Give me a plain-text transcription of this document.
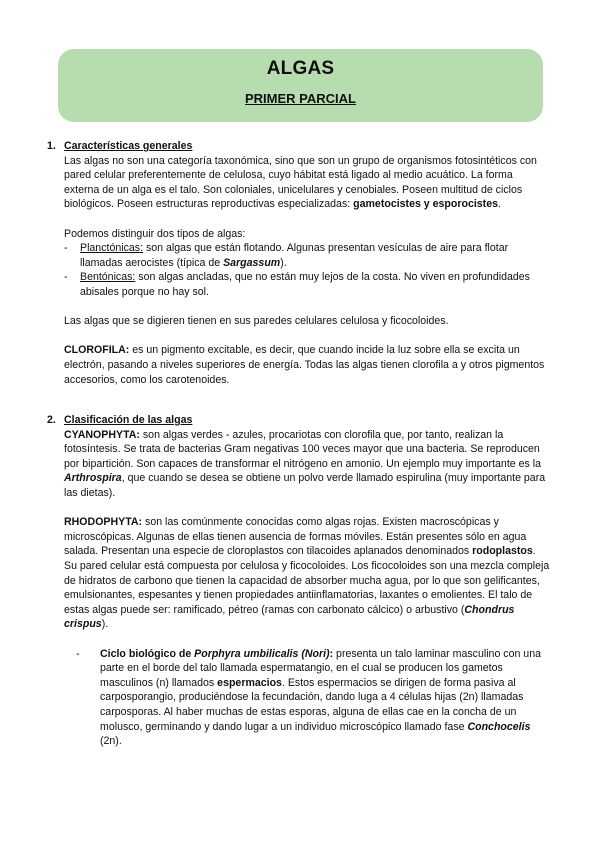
ALGAS
PRIMER PARCIAL
1. Características generales

Las algas no son una categoría taxonómica, sino que son un grupo de organismos fotosintéticos con pared celular preferentemente de celulosa, cuyo hábitat está ligado al medio acuático. La forma externa de un alga es el talo. Son coloniales, unicelulares y cenobiales. Poseen multitud de ciclos biológicos. Poseen estructuras reproductivas especializadas: gametocistes y esporocistes.

Podemos distinguir dos tipos de algas:

- Planctónicas: son algas que están flotando. Algunas presentan vesículas de aire para flotar llamadas aerocistes (típica de Sargassum).
- Bentónicas: son algas ancladas, que no están muy lejos de la costa. No viven en profundidades abisales porque no hay sol.

Las algas que se digieren tienen en sus paredes celulares celulosa y ficocoloides.

CLOROFILA: es un pigmento excitable, es decir, que cuando incide la luz sobre ella se excita un electrón, pasando a niveles superiores de energía. Todas las algas tienen clorofila a y otros pigmentos accesorios, como los carotenoides.

2. Clasificación de las algas

CYANOPHYTA: son algas verdes - azules, procariotas con clorofila que, por tanto, realizan la fotosíntesis. Se trata de bacterias Gram negativas 100 veces mayor que una bacteria. Se reproducen por bipartición. Son capaces de transformar el nitrógeno en amonio. Un ejemplo muy importante es la Arthrospira, que cuando se desea se obtiene un polvo verde llamado espirulina (muy importante para las dietas).

RHODOPHYTA: son las comúnmente conocidas como algas rojas. Existen macroscópicas y microscópicas. Algunas de ellas tienen ausencia de formas móviles. Están presentes sólo en agua salada. Presentan una especie de cloroplastos con tilacoides aplanados denominados rodoplastos. Su pared celular está compuesta por celulosa y ficocoloides. Los ficocoloides son una mezcla compleja de hidratos de carbono que tienen la capacidad de absorber mucha agua, por lo que son gelificantes, emulsionantes, espesantes y tienen propiedades antiinflamatorias, laxantes o emolientes. El talo de estas algas puede ser: ramificado, pétreo (ramas con carbonato cálcico) o arbustivo (Chondrus crispus).

- Ciclo biológico de Porphyra umbilicalis (Nori): presenta un talo laminar masculino con una parte en el borde del talo llamada espermatangio, en el cual se producen los gametos masculinos (n) llamados espermacios. Estos espermacios se dirigen de forma pasiva al carposporangio, produciéndose la fecundación, dando luga a 4 células hijas (2n) llamadas carposporas. Al haber muchas de estas esporas, alguna de ellas cae en la concha de un molusco, germinando y dando lugar a un individuo microscópico llamado fase Conchocelis (2n).
